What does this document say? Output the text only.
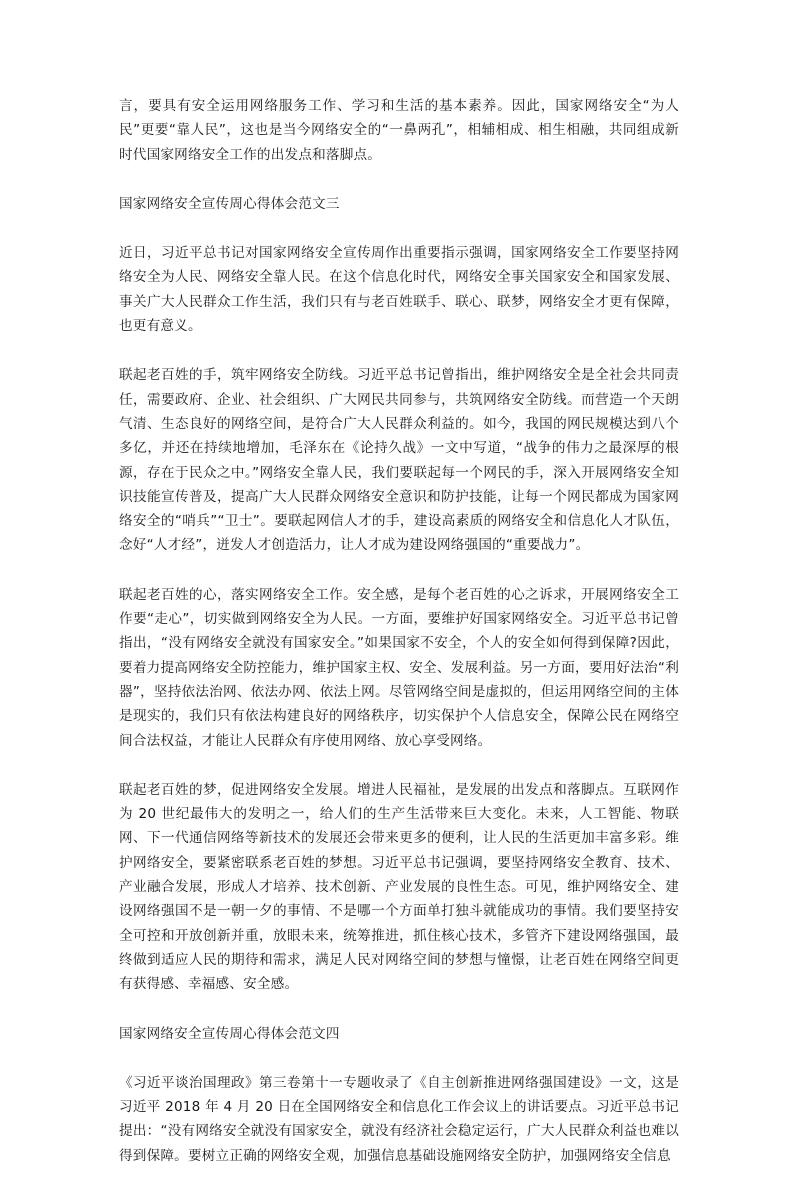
言，要具有安全运用网络服务工作、学习和生活的基本素养。因此，国家网络安全“为人民”更要“靠人民”，这也是当今网络安全的“一鼻两孔”，相辅相成、相生相融，共同组成新时代国家网络安全工作的出发点和落脚点。

国家网络安全宣传周心得体会范文三

近日，习近平总书记对国家网络安全宣传周作出重要指示强调，国家网络安全工作要坚持网络安全为人民、网络安全靠人民。在这个信息化时代，网络安全事关国家安全和国家发展、事关广大人民群众工作生活，我们只有与老百姓联手、联心、联梦，网络安全才更有保障，也更有意义。

联起老百姓的手，筑牢网络安全防线。习近平总书记曾指出，维护网络安全是全社会共同责任，需要政府、企业、社会组织、广大网民共同参与，共筑网络安全防线。而营造一个天朗气清、生态良好的网络空间，是符合广大人民群众利益的。如今，我国的网民规模达到八个多亿，并还在持续地增加，毛泽东在《论持久战》一文中写道，“战争的伟力之最深厚的根源，存在于民众之中。”网络安全靠人民，我们要联起每一个网民的手，深入开展网络安全知识技能宣传普及，提高广大人民群众网络安全意识和防护技能，让每一个网民都成为国家网络安全的“哨兵”“卫士”。要联起网信人才的手，建设高素质的网络安全和信息化人才队伍，念好“人才经”，迸发人才创造活力，让人才成为建设网络强国的“重要战力”。

联起老百姓的心，落实网络安全工作。安全感，是每个老百姓的心之诉求，开展网络安全工作要“走心”，切实做到网络安全为人民。一方面，要维护好国家网络安全。习近平总书记曾指出，“没有网络安全就没有国家安全。”如果国家不安全，个人的安全如何得到保障?因此，要着力提高网络安全防控能力，维护国家主权、安全、发展利益。另一方面，要用好法治“利器”，坚持依法治网、依法办网、依法上网。尽管网络空间是虚拟的，但运用网络空间的主体是现实的，我们只有依法构建良好的网络秩序，切实保护个人信息安全，保障公民在网络空间合法权益，才能让人民群众有序使用网络、放心享受网络。

联起老百姓的梦，促进网络安全发展。增进人民福祉，是发展的出发点和落脚点。互联网作为 20 世纪最伟大的发明之一，给人们的生产生活带来巨大变化。未来，人工智能、物联网、下一代通信网络等新技术的发展还会带来更多的便利，让人民的生活更加丰富多彩。维护网络安全，要紧密联系老百姓的梦想。习近平总书记强调，要坚持网络安全教育、技术、产业融合发展，形成人才培养、技术创新、产业发展的良性生态。可见，维护网络安全、建设网络强国不是一朝一夕的事情、不是哪一个方面单打独斗就能成功的事情。我们要坚持安全可控和开放创新并重，放眼未来，统筹推进，抓住核心技术，多管齐下建设网络强国，最终做到适应人民的期待和需求，满足人民对网络空间的梦想与憧憬，让老百姓在网络空间更有获得感、幸福感、安全感。

国家网络安全宣传周心得体会范文四

《习近平谈治国理政》第三卷第十一专题收录了《自主创新推进网络强国建设》一文，这是习近平 2018 年 4 月 20 日在全国网络安全和信息化工作会议上的讲话要点。习近平总书记提出：“没有网络安全就没有国家安全，就没有经济社会稳定运行，广大人民群众利益也难以得到保障。要树立正确的网络安全观，加强信息基础设施网络安全防护，加强网络安全信息
